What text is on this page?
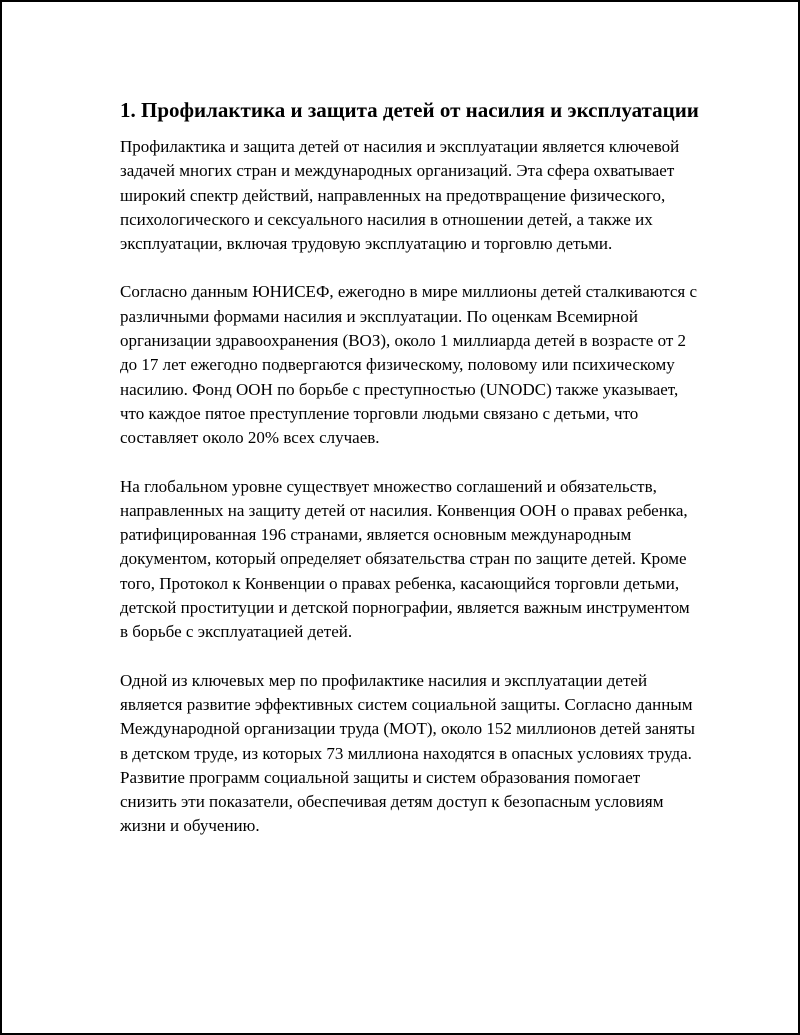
1. Профилактика и защита детей от насилия и эксплуатации

Профилактика и защита детей от насилия и эксплуатации является ключевой задачей многих стран и международных организаций. Эта сфера охватывает широкий спектр действий, направленных на предотвращение физического, психологического и сексуального насилия в отношении детей, а также их эксплуатации, включая трудовую эксплуатацию и торговлю детьми.

Согласно данным ЮНИСЕФ, ежегодно в мире миллионы детей сталкиваются с различными формами насилия и эксплуатации. По оценкам Всемирной организации здравоохранения (ВОЗ), около 1 миллиарда детей в возрасте от 2 до 17 лет ежегодно подвергаются физическому, половому или психическому насилию. Фонд ООН по борьбе с преступностью (UNODC) также указывает, что каждое пятое преступление торговли людьми связано с детьми, что составляет около 20% всех случаев.

На глобальном уровне существует множество соглашений и обязательств, направленных на защиту детей от насилия. Конвенция ООН о правах ребенка, ратифицированная 196 странами, является основным международным документом, который определяет обязательства стран по защите детей. Кроме того, Протокол к Конвенции о правах ребенка, касающийся торговли детьми, детской проституции и детской порнографии, является важным инструментом в борьбе с эксплуатацией детей.

Одной из ключевых мер по профилактике насилия и эксплуатации детей является развитие эффективных систем социальной защиты. Согласно данным Международной организации труда (МОТ), около 152 миллионов детей заняты в детском труде, из которых 73 миллиона находятся в опасных условиях труда. Развитие программ социальной защиты и систем образования помогает снизить эти показатели, обеспечивая детям доступ к безопасным условиям жизни и обучению.
